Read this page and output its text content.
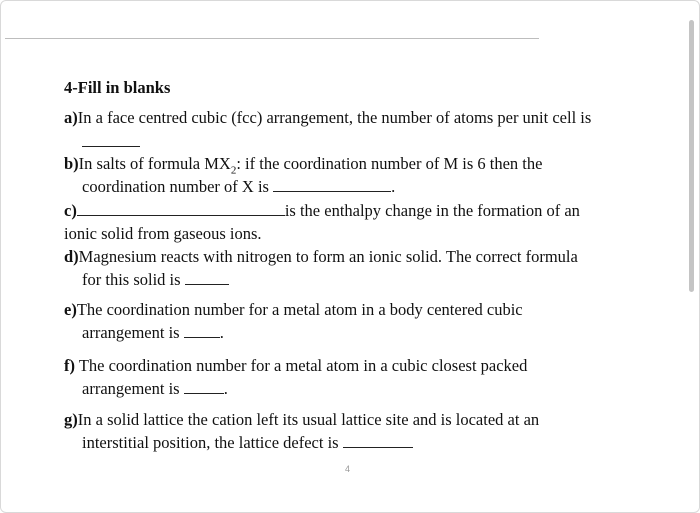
4-Fill in blanks
a)In a face centred cubic (fcc) arrangement, the number of atoms per unit cell is
b)In salts of formula $MX_2$: if the coordination number of M is 6 then the
coordination number of X is	.
c)	is the enthalpy change in the formation of an
ionic solid from gaseous ions.
d)Magnesium reacts with nitrogen to form an ionic solid. The correct formula
for this solid is
e)The coordination number for a metal atom in a body centered cubic
arrangement is .
f) The coordination number for a metal atom in a cubic closest packed
arrangement is	.
g)In a solid lattice the cation left its usual lattice site and is located at an
interstitial position, the lattice defect is
4
